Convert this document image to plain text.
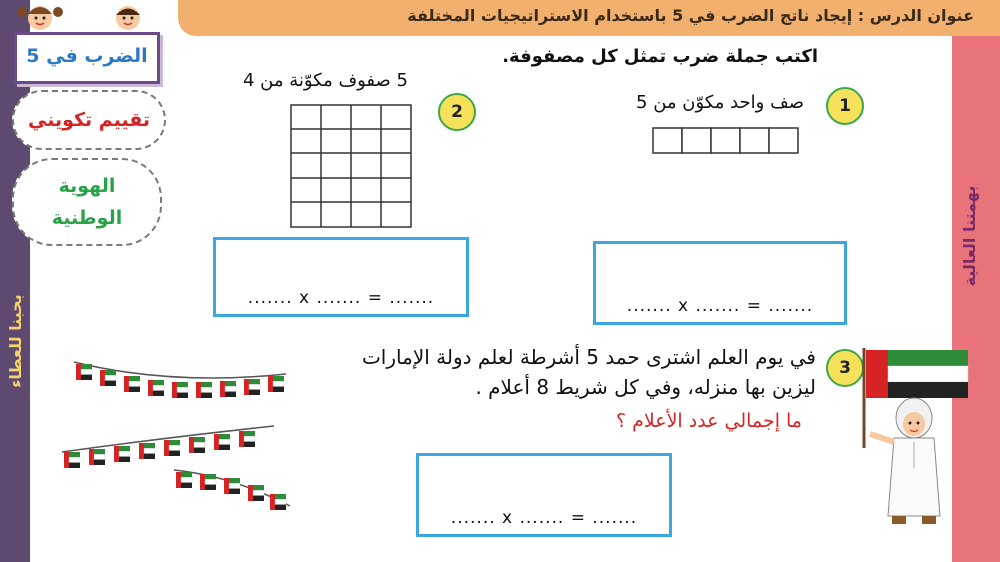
بحبنا للعطاء
بهمتنا العالية
عنوان الدرس : إيجاد ناتج الضرب في 5 باستخدام الاستراتيجيات المختلفة
الضرب في 5
تقييم تكويني
الهوية
الوطنية
اكتب جملة ضرب تمثل كل مصفوفة.
1
صف واحد مكوّن من 5
....... x ....... = .......
2
5 صفوف مكوّنة من 4
....... x ....... = .......
3
في يوم العلم اشترى حمد 5 أشرطة لعلم دولة الإمارات ليزين بها منزله، وفي كل شريط 8 أعلام .
ما إجمالي عدد الأعلام ؟
....... x ....... = .......
